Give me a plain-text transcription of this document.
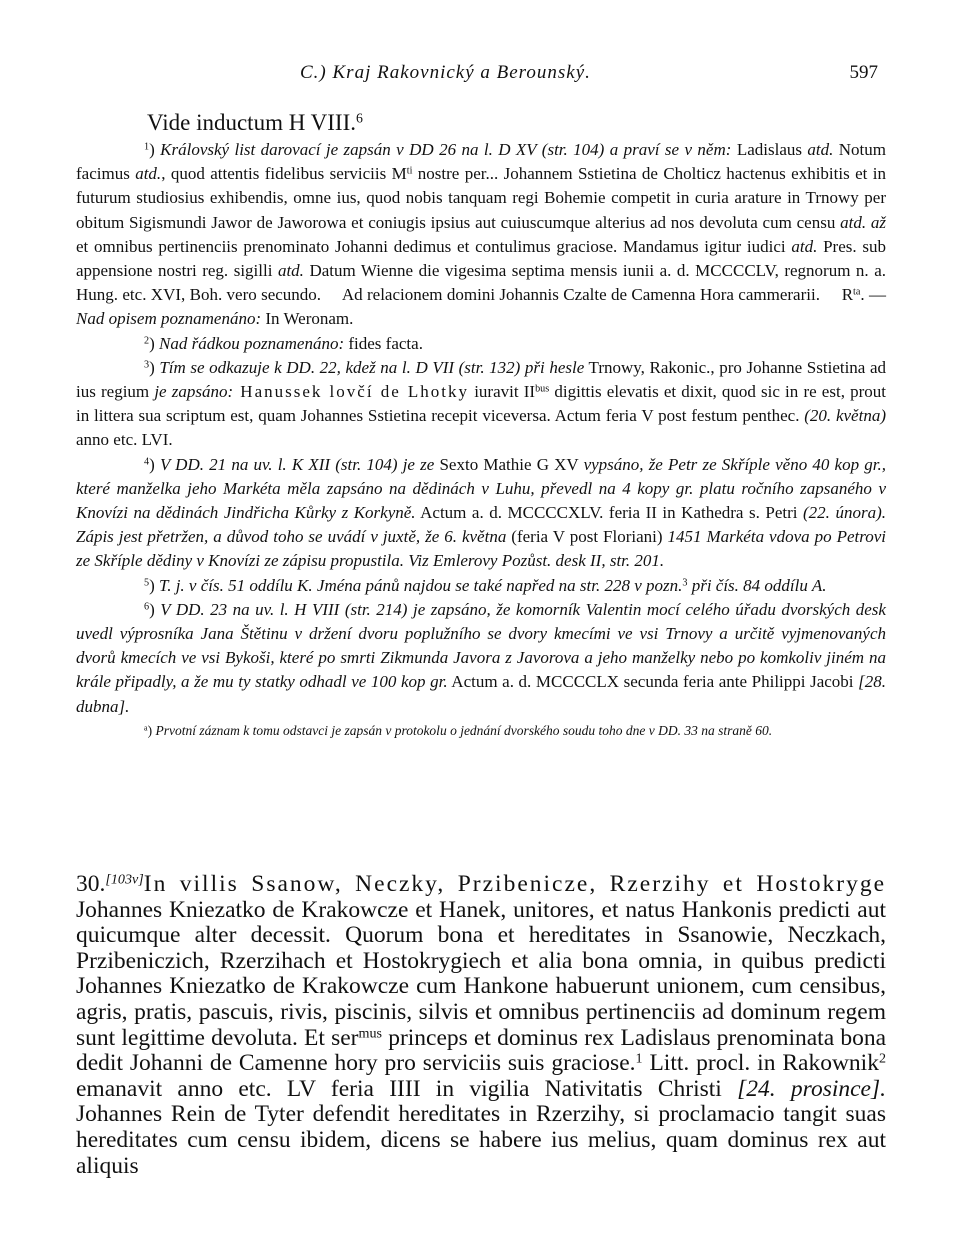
C.) Kraj Rakovnický a Berounský.	597
Vide inductum H VIII.$^6$

$^1$) Královský list darovací je zapsán v DD 26 na l. D XV (str. 104) a praví se v něm: Ladislaus atd. Notum facimus atd., quod attentis fidelibus serviciis $M^{ti}$ nostre per... Johannem Sstietina de Cholticz hactenus exhibitis et in futurum studiosius exhibendis, omne ius, quod nobis tanquam regi Bohemie competit in curia arature in Trnowy per obitum Sigismundi Jawor de Jaworowa et coniugis ipsius aut cuiuscumque alterius ad nos devoluta cum censu atd. až et omnibus pertinenciis prenominato Johanni dedimus et contulimus graciose. Mandamus igitur iudici atd. Pres. sub appensione nostri reg. sigilli atd. Datum Wienne die vigesima septima mensis iunii a. d. MCCCCLV, regnorum n. a. Hung. etc. XVI, Boh. vero secundo.     Ad relacionem domini Johannis Czalte de Camenna Hora cammerarii.     $R^{ta}$. — Nad opisem poznamenáno: In Weronam.

$^2$) Nad řádkou poznamenáno: fides facta.

$^3$) Tím se odkazuje k DD. 22, kdež na l. D VII (str. 132) při hesle Trnowy, Rakonic., pro Johanne Sstietina ad ius regium je zapsáno: Hanussek lovčí de Lhotky iuravit $II^{bus}$ digittis elevatis et dixit, quod sic in re est, prout in littera sua scriptum est, quam Johannes Sstietina recepit viceversa. Actum feria V post festum penthec. (20. května) anno etc. LVI.

$^4$) V DD. 21 na uv. l. K XII (str. 104) je ze Sexto Mathie G XV vypsáno, že Petr ze Skříple věno 40 kop gr., které manželka jeho Markéta měla zapsáno na dědinách v Luhu, převedl na 4 kopy gr. platu ročního zapsaného v Knovízi na dědinách Jindřicha Kůrky z Korkyně. Actum a. d. MCCCCXLV. feria II in Kathedra s. Petri (22. února). Zápis jest přetržen, a důvod toho se uvádí v juxtě, že 6. května (feria V post Floriani) 1451 Markéta vdova po Petrovi ze Skříple dědiny v Knovízi ze zápisu propustila. Viz Emlerovy Pozůst. desk II, str. 201.

$^5$) T. j. v čís. 51 oddílu K. Jména pánů najdou se také napřed na str. 228 v pozn.$^3$ při čís. 84 oddílu A.

$^6$) V DD. 23 na uv. l. H VIII (str. 214) je zapsáno, že komorník Valentin mocí celého úřadu dvorských desk uvedl výprosníka Jana Štětinu v držení dvoru poplužního se dvory kmecími ve vsi Trnovy a určitě vyjmenovaných dvorů kmecích ve vsi Bykoši, které po smrti Zikmunda Javora z Javorova a jeho manželky nebo po komkoliv jiném na krále připadly, a že mu ty statky odhadl ve 100 kop gr. Actum a. d. MCCCCLX secunda feria ante Philippi Jacobi [28. dubna].

$^a$) Prvotní záznam k tomu odstavci je zapsán v protokolu o jednání dvorského soudu toho dne v DD. 33 na straně 60.

30.[103v]In villis Ssanow, Neczky, Przibenicze, Rzerzihy et Hostokryge Johannes Kniezatko de Krakowcze et Hanek, unitores, et natus Hankonis predicti aut quicumque alter decessit. Quorum bona et hereditates in Ssanowie, Neczkach, Przibeniczich, Rzerzihach et Hostokrygiech et alia bona omnia, in quibus predicti Johannes Kniezatko de Krakowcze cum Hankone habuerunt unionem, cum censibus, agris, pratis, pascuis, rivis, piscinis, silvis et omnibus pertinenciis ad dominum regem sunt legittime devoluta. Et ser$^{mus}$ princeps et dominus rex Ladislaus prenominata bona dedit Johanni de Camenne hory pro serviciis suis graciose.$^1$ Litt. procl. in Rakownik$^2$ emanavit anno etc. LV feria IIII in vigilia Nativitatis Christi [24. prosince].      Johannes Rein de Tyter defendit hereditates in Rzerzihy, si proclamacio tangit suas hereditates cum censu ibidem, dicens se habere ius melius, quam dominus rex aut aliquis
